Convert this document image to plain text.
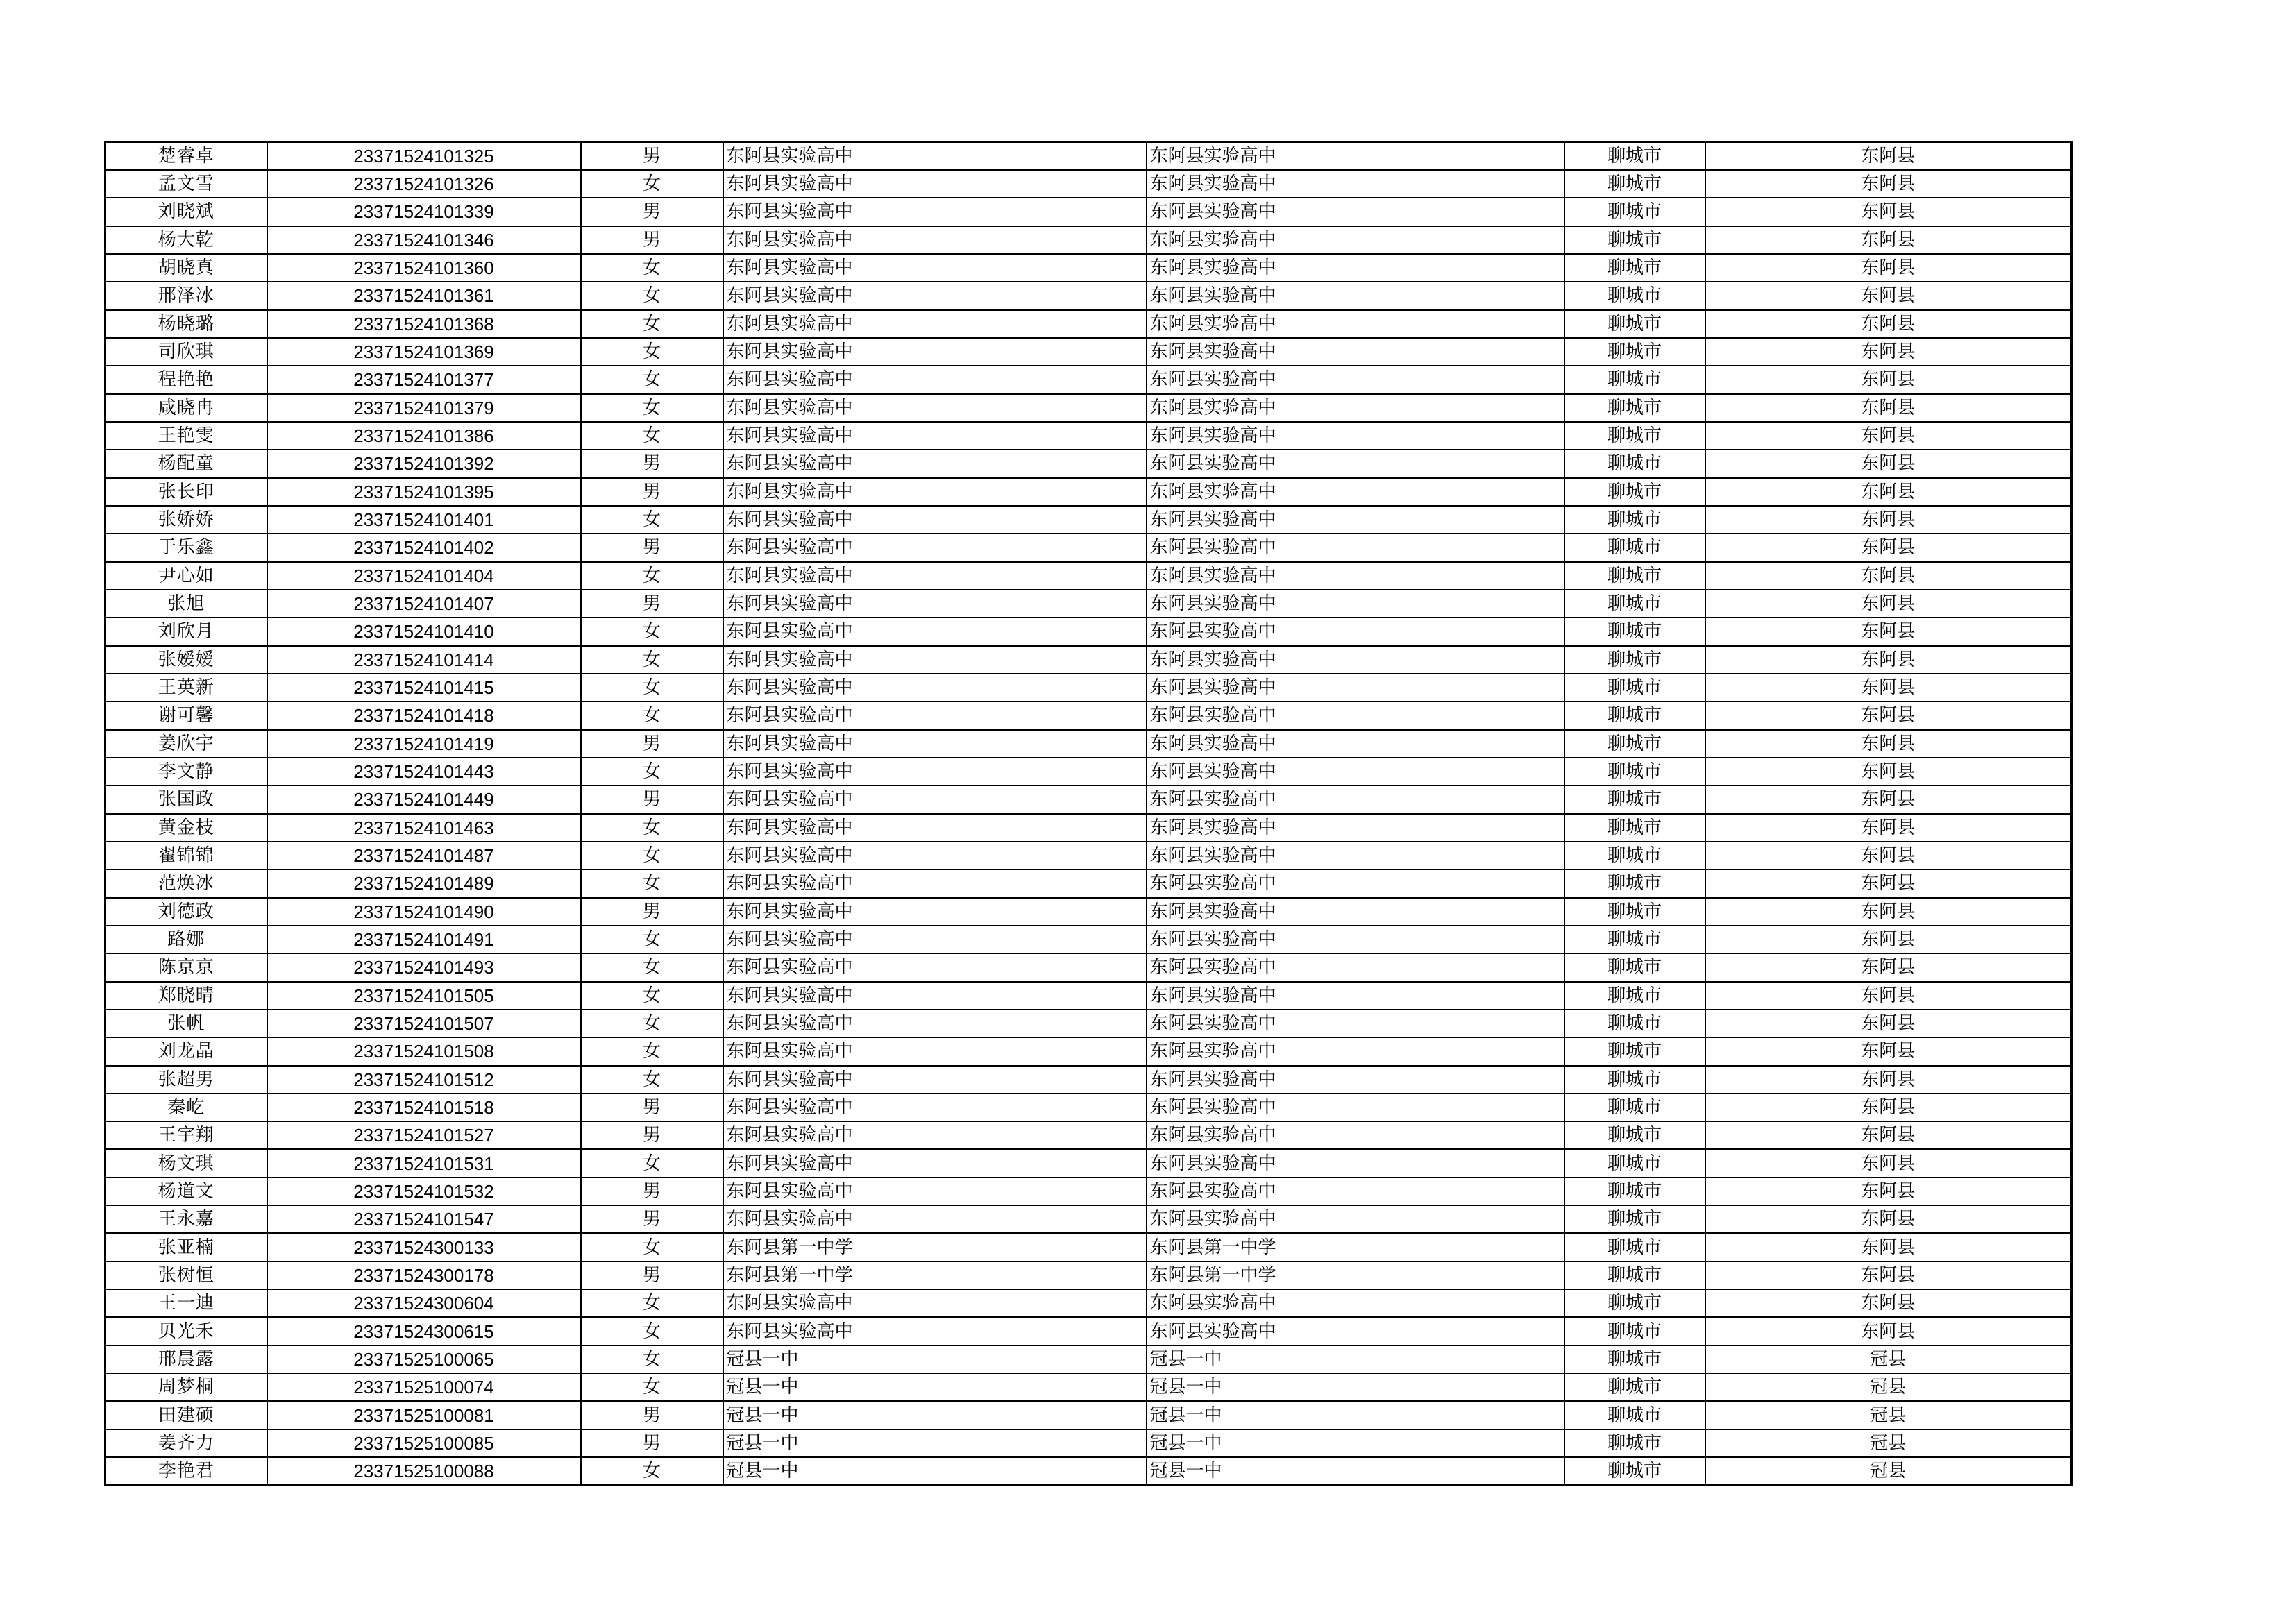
楚睿卓	23371524101325	男	东阿县实验高中	东阿县实验高中	聊城市	东阿县
孟文雪	23371524101326	女	东阿县实验高中	东阿县实验高中	聊城市	东阿县
刘晓斌	23371524101339	男	东阿县实验高中	东阿县实验高中	聊城市	东阿县
杨大乾	23371524101346	男	东阿县实验高中	东阿县实验高中	聊城市	东阿县
胡晓真	23371524101360	女	东阿县实验高中	东阿县实验高中	聊城市	东阿县
邢泽冰	23371524101361	女	东阿县实验高中	东阿县实验高中	聊城市	东阿县
杨晓璐	23371524101368	女	东阿县实验高中	东阿县实验高中	聊城市	东阿县
司欣琪	23371524101369	女	东阿县实验高中	东阿县实验高中	聊城市	东阿县
程艳艳	23371524101377	女	东阿县实验高中	东阿县实验高中	聊城市	东阿县
咸晓冉	23371524101379	女	东阿县实验高中	东阿县实验高中	聊城市	东阿县
王艳雯	23371524101386	女	东阿县实验高中	东阿县实验高中	聊城市	东阿县
杨配童	23371524101392	男	东阿县实验高中	东阿县实验高中	聊城市	东阿县
张长印	23371524101395	男	东阿县实验高中	东阿县实验高中	聊城市	东阿县
张娇娇	23371524101401	女	东阿县实验高中	东阿县实验高中	聊城市	东阿县
于乐鑫	23371524101402	男	东阿县实验高中	东阿县实验高中	聊城市	东阿县
尹心如	23371524101404	女	东阿县实验高中	东阿县实验高中	聊城市	东阿县
张旭	23371524101407	男	东阿县实验高中	东阿县实验高中	聊城市	东阿县
刘欣月	23371524101410	女	东阿县实验高中	东阿县实验高中	聊城市	东阿县
张嫒嫒	23371524101414	女	东阿县实验高中	东阿县实验高中	聊城市	东阿县
王英新	23371524101415	女	东阿县实验高中	东阿县实验高中	聊城市	东阿县
谢可馨	23371524101418	女	东阿县实验高中	东阿县实验高中	聊城市	东阿县
姜欣宇	23371524101419	男	东阿县实验高中	东阿县实验高中	聊城市	东阿县
李文静	23371524101443	女	东阿县实验高中	东阿县实验高中	聊城市	东阿县
张国政	23371524101449	男	东阿县实验高中	东阿县实验高中	聊城市	东阿县
黄金枝	23371524101463	女	东阿县实验高中	东阿县实验高中	聊城市	东阿县
翟锦锦	23371524101487	女	东阿县实验高中	东阿县实验高中	聊城市	东阿县
范焕冰	23371524101489	女	东阿县实验高中	东阿县实验高中	聊城市	东阿县
刘德政	23371524101490	男	东阿县实验高中	东阿县实验高中	聊城市	东阿县
路娜	23371524101491	女	东阿县实验高中	东阿县实验高中	聊城市	东阿县
陈京京	23371524101493	女	东阿县实验高中	东阿县实验高中	聊城市	东阿县
郑晓晴	23371524101505	女	东阿县实验高中	东阿县实验高中	聊城市	东阿县
张帆	23371524101507	女	东阿县实验高中	东阿县实验高中	聊城市	东阿县
刘龙晶	23371524101508	女	东阿县实验高中	东阿县实验高中	聊城市	东阿县
张超男	23371524101512	女	东阿县实验高中	东阿县实验高中	聊城市	东阿县
秦屹	23371524101518	男	东阿县实验高中	东阿县实验高中	聊城市	东阿县
王宇翔	23371524101527	男	东阿县实验高中	东阿县实验高中	聊城市	东阿县
杨文琪	23371524101531	女	东阿县实验高中	东阿县实验高中	聊城市	东阿县
杨道文	23371524101532	男	东阿县实验高中	东阿县实验高中	聊城市	东阿县
王永嘉	23371524101547	男	东阿县实验高中	东阿县实验高中	聊城市	东阿县
张亚楠	23371524300133	女	东阿县第一中学	东阿县第一中学	聊城市	东阿县
张树恒	23371524300178	男	东阿县第一中学	东阿县第一中学	聊城市	东阿县
王一迪	23371524300604	女	东阿县实验高中	东阿县实验高中	聊城市	东阿县
贝光禾	23371524300615	女	东阿县实验高中	东阿县实验高中	聊城市	东阿县
邢晨露	23371525100065	女	冠县一中	冠县一中	聊城市	冠县
周梦桐	23371525100074	女	冠县一中	冠县一中	聊城市	冠县
田建硕	23371525100081	男	冠县一中	冠县一中	聊城市	冠县
姜齐力	23371525100085	男	冠县一中	冠县一中	聊城市	冠县
李艳君	23371525100088	女	冠县一中	冠县一中	聊城市	冠县
